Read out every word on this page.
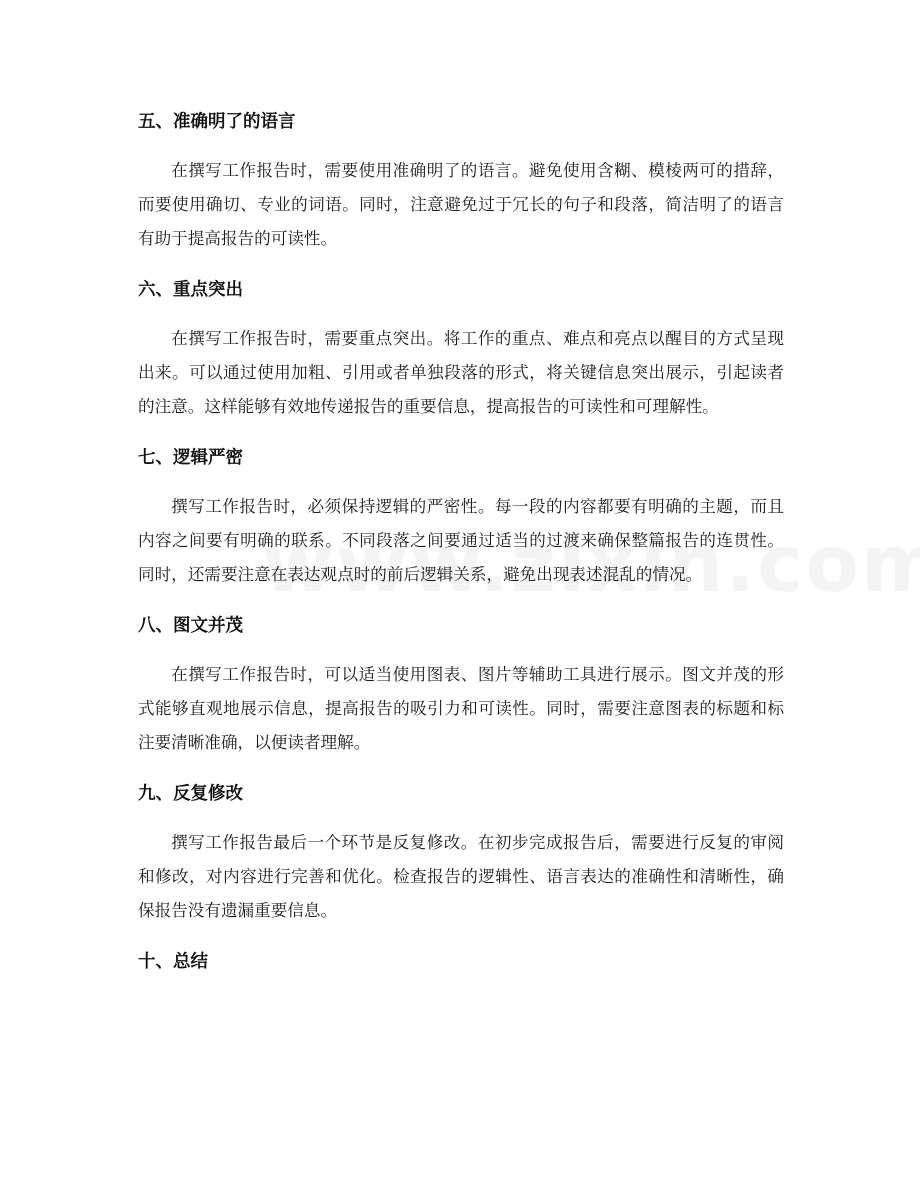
五、准确明了的语言

在撰写工作报告时，需要使用准确明了的语言。避免使用含糊、模棱两可的措辞，而要使用确切、专业的词语。同时，注意避免过于冗长的句子和段落，简洁明了的语言有助于提高报告的可读性。

六、重点突出

在撰写工作报告时，需要重点突出。将工作的重点、难点和亮点以醒目的方式呈现出来。可以通过使用加粗、引用或者单独段落的形式，将关键信息突出展示，引起读者的注意。这样能够有效地传递报告的重要信息，提高报告的可读性和可理解性。

七、逻辑严密

撰写工作报告时，必须保持逻辑的严密性。每一段的内容都要有明确的主题，而且内容之间要有明确的联系。不同段落之间要通过适当的过渡来确保整篇报告的连贯性。同时，还需要注意在表达观点时的前后逻辑关系，避免出现表述混乱的情况。

八、图文并茂

在撰写工作报告时，可以适当使用图表、图片等辅助工具进行展示。图文并茂的形式能够直观地展示信息，提高报告的吸引力和可读性。同时，需要注意图表的标题和标注要清晰准确，以便读者理解。

九、反复修改

撰写工作报告最后一个环节是反复修改。在初步完成报告后，需要进行反复的审阅和修改，对内容进行完善和优化。检查报告的逻辑性、语言表达的准确性和清晰性，确保报告没有遗漏重要信息。

十、总结
